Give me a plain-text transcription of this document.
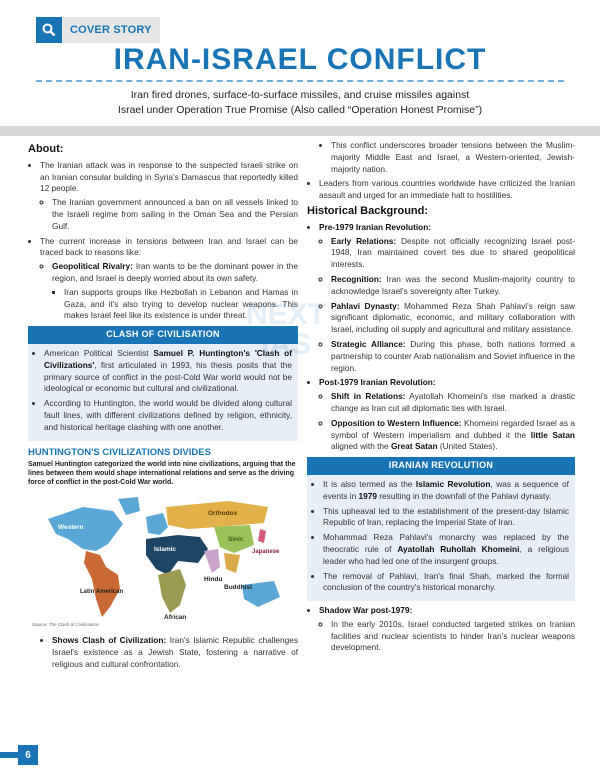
COVER STORY
IRAN-ISRAEL CONFLICT
Iran fired drones, surface-to-surface missiles, and cruise missiles against
Israel under Operation True Promise (Also called “Operation Honest Promise”)
About:
• The Iranian attack was in response to the suspected Israeli strike on an Iranian consular building in Syria's Damascus that reportedly killed 12 people.
◦ The Iranian government announced a ban on all vessels linked to the Israeli regime from sailing in the Oman Sea and the Persian Gulf.
• The current increase in tensions between Iran and Israel can be traced back to reasons like:
◦ Geopolitical Rivalry: Iran wants to be the dominant power in the region, and Israel is deeply worried about its own safety.
▪ Iran supports groups like Hezbollah in Lebanon and Hamas in Gaza, and it's also trying to develop nuclear weapons. This makes Israel feel like its existence is under threat.
CLASH OF CIVILISATION
• American Political Scientist Samuel P. Huntington's 'Clash of Civilizations', first articulated in 1993, his thesis posits that the primary source of conflict in the post-Cold War world would not be ideological or economic but cultural and civilizational.
• According to Huntington, the world would be divided along cultural fault lines, with different civilizations defined by religion, ethnicity, and historical heritage clashing with one another.
HUNTINGTON'S CIVILIZATIONS DIVIDES
Samuel Huntington categorized the world into nine civilizations, arguing that the lines between them would shape international relations and serve as the driving force of conflict in the post-Cold War world.
Western
Orthodox
Islamic	Japanese
Sinic
Hindu
Buddhist
Latin American
African
Source: The Clash of Civilizations
• Shows Clash of Civilization: Iran's Islamic Republic challenges Israel's existence as a Jewish State, fostering a narrative of religious and cultural confrontation.
NEXT IAS
• This conflict underscores broader tensions between the Muslim-majority Middle East and Israel, a Western-oriented, Jewish-majority nation.
• Leaders from various countries worldwide have criticized the Iranian assault and urged for an immediate halt to hostilities.
Historical Background:
• Pre-1979 Iranian Revolution:
◦ Early Relations: Despite not officially recognizing Israel post-1948, Iran maintained covert ties due to shared geopolitical interests.
◦ Recognition: Iran was the second Muslim-majority country to acknowledge Israel's sovereignty after Turkey.
◦ Pahlavi Dynasty: Mohammed Reza Shah Pahlavi's reign saw significant diplomatic, economic, and military collaboration with Israel, including oil supply and agricultural and military assistance.
◦ Strategic Alliance: During this phase, both nations formed a partnership to counter Arab nationalism and Soviet influence in the region.
• Post-1979 Iranian Revolution:
◦ Shift in Relations: Ayatollah Khomeini's rise marked a drastic change as Iran cut all diplomatic ties with Israel.
◦ Opposition to Western Influence: Khomeini regarded Israel as a symbol of Western imperialism and dubbed it the little Satan aligned with the Great Satan (United States).
IRANIAN REVOLUTION
• It is also termed as the Islamic Revolution, was a sequence of events in 1979 resulting in the downfall of the Pahlavi dynasty.
• This upheaval led to the establishment of the present-day Islamic Republic of Iran, replacing the Imperial State of Iran.
• Mohammad Reza Pahlavi's monarchy was replaced by the theocratic rule of Ayatollah Ruhollah Khomeini, a religious leader who had led one of the insurgent groups.
• The removal of Pahlavi, Iran's final Shah, marked the formal conclusion of the country's historical monarchy.
• Shadow War post-1979:
◦ In the early 2010s, Israel conducted targeted strikes on Iranian facilities and nuclear scientists to hinder Iran's nuclear weapons development.
6
